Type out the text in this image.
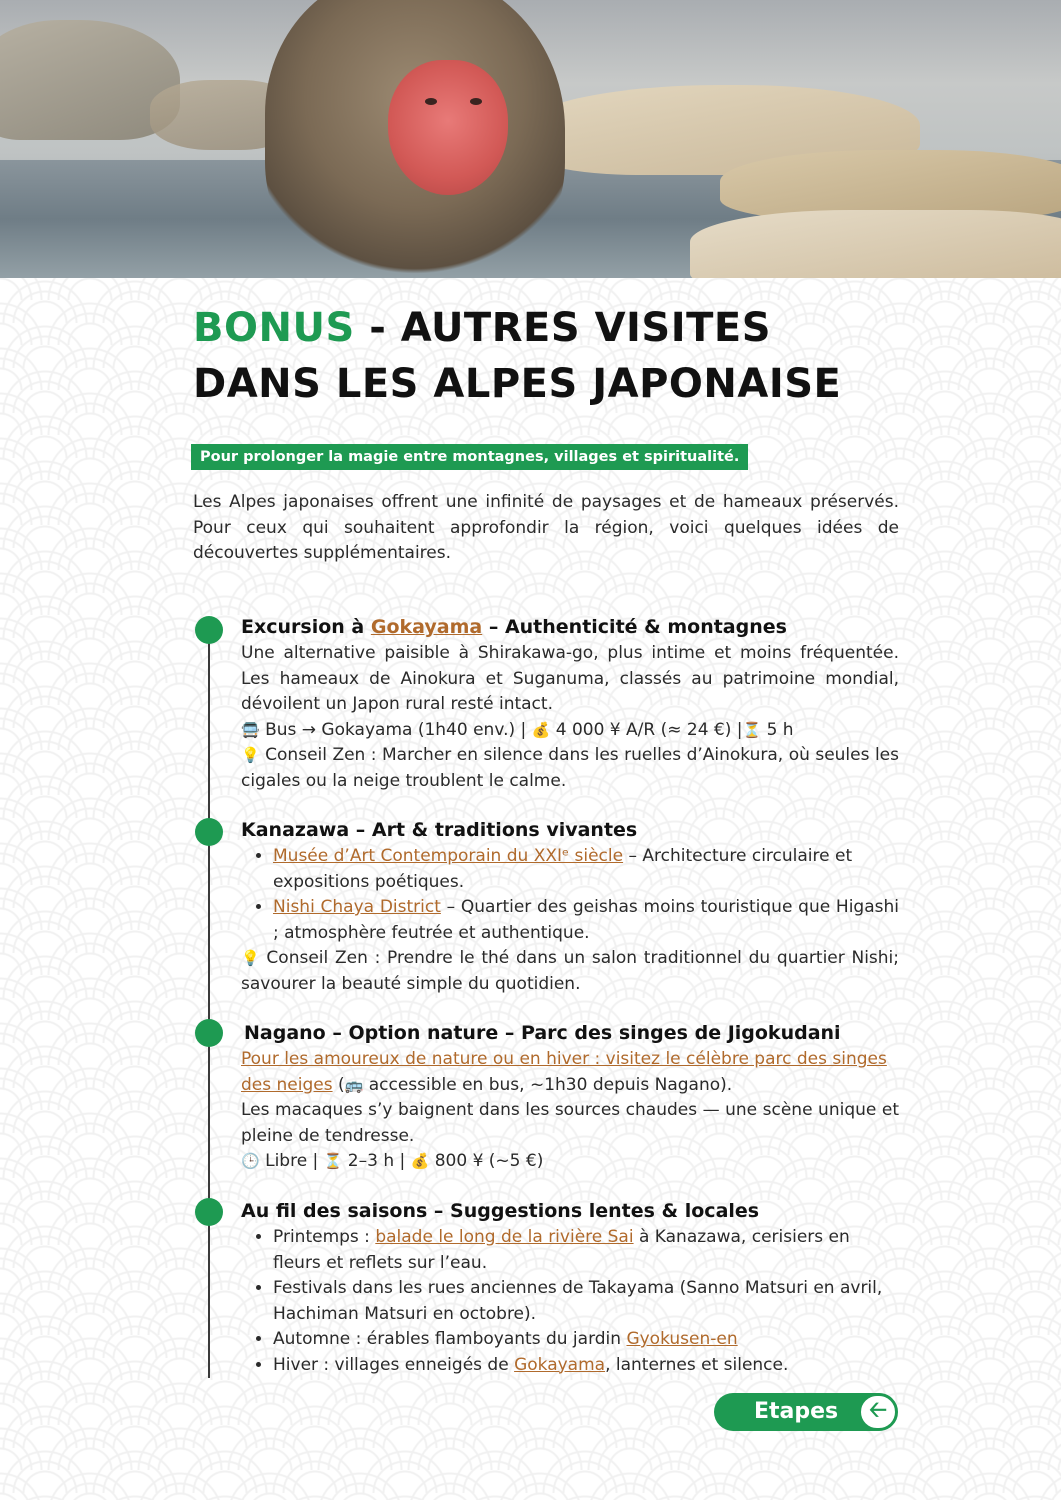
BONUS - AUTRES VISITES
DANS LES ALPES JAPONAISE
Pour prolonger la magie entre montagnes, villages et spiritualité.

Les Alpes japonaises offrent une infinité de paysages et de hameaux préservés. Pour ceux qui souhaitent approfondir la région, voici quelques idées de découvertes supplémentaires.

Excursion à Gokayama – Authenticité & montagnes

Une alternative paisible à Shirakawa-go, plus intime et moins fréquentée. Les hameaux de Ainokura et Suganuma, classés au patrimoine mondial, dévoilent un Japon rural resté intact.

🚍 Bus → Gokayama (1h40 env.) | 💰 4 000 ¥ A/R (≈ 24 €) |⏳ 5 h

💡 Conseil Zen : Marcher en silence dans les ruelles d’Ainokura, où seules les cigales ou la neige troublent le calme.

Kanazawa – Art & traditions vivantes
• Musée d’Art Contemporain du XXIᵉ siècle – Architecture circulaire et expositions poétiques.
• Nishi Chaya District – Quartier des geishas moins touristique que Higashi ; atmosphère feutrée et authentique.

💡 Conseil Zen : Prendre le thé dans un salon traditionnel du quartier Nishi; savourer la beauté simple du quotidien.

Nagano – Option nature – Parc des singes de Jigokudani

Pour les amoureux de nature ou en hiver : visitez le célèbre parc des singes des neiges (🚌 accessible en bus, ~1h30 depuis Nagano).

Les macaques s’y baignent dans les sources chaudes — une scène unique et pleine de tendresse.

🕒 Libre | ⏳ 2–3 h | 💰 800 ¥ (~5 €)
Au fil des saisons – Suggestions lentes & locales
• Printemps : balade le long de la rivière Sai à Kanazawa, cerisiers en fleurs et reflets sur l’eau.
• Festivals dans les rues anciennes de Takayama (Sanno Matsuri en avril, Hachiman Matsuri en octobre).
• Automne : érables flamboyants du jardin Gyokusen-en
• Hiver : villages enneigés de Gokayama, lanternes et silence.
Etapes	🡠
